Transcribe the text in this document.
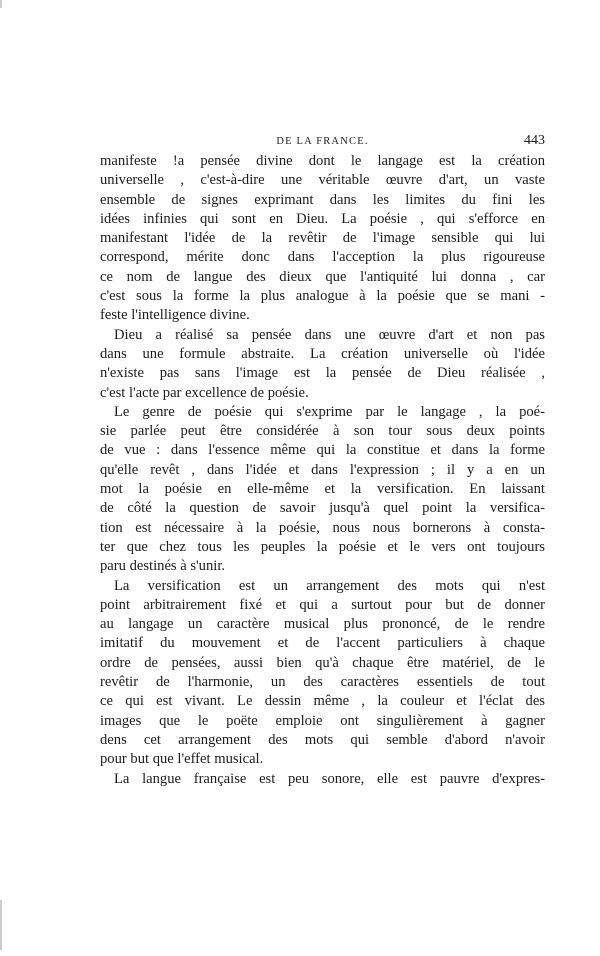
DE LA FRANCE.	443
manifeste !a pensée divine dont le langage est la création
universelle , c'est-à-dire une véritable œuvre d'art, un vaste
ensemble de signes exprimant dans les limites du fini les
idées infinies qui sont en Dieu. La poésie , qui s'efforce en
manifestant l'idée de la revêtir de l'image sensible qui lui
correspond, mérite donc dans l'acception la plus rigoureuse
ce nom de langue des dieux que l'antiquité lui donna , car
c'est sous la forme la plus analogue à la poésie que se mani -
feste l'intelligence divine.
Dieu a réalisé sa pensée dans une œuvre d'art et non pas
dans une formule abstraite. La création universelle où l'idée
n'existe pas sans l'image est la pensée de Dieu réalisée ,
c'est l'acte par excellence de poésie.
Le genre de poésie qui s'exprime par le langage , la poé-
sie parlée peut être considérée à son tour sous deux points
de vue : dans l'essence même qui la constitue et dans la forme
qu'elle revêt , dans l'idée et dans l'expression ; il y a en un
mot la poésie en elle-même et la versification. En laissant
de côté la question de savoir jusqu'à quel point la versifica-
tion est nécessaire à la poésie, nous nous bornerons à consta-
ter que chez tous les peuples la poésie et le vers ont toujours
paru destinés à s'unir.
La versification est un arrangement des mots qui n'est
point arbitrairement fixé et qui a surtout pour but de donner
au langage un caractère musical plus prononcé, de le rendre
imitatif du mouvement et de l'accent particuliers à chaque
ordre de pensées, aussi bien qu'à chaque être matériel, de le
revêtir de l'harmonie, un des caractères essentiels de tout
ce qui est vivant. Le dessin même , la couleur et l'éclat des
images que le poëte emploie ont singulièrement à gagner
dens cet arrangement des mots qui semble d'abord n'avoir
pour but que l'effet musical.
La langue française est peu sonore, elle est pauvre d'expres-
